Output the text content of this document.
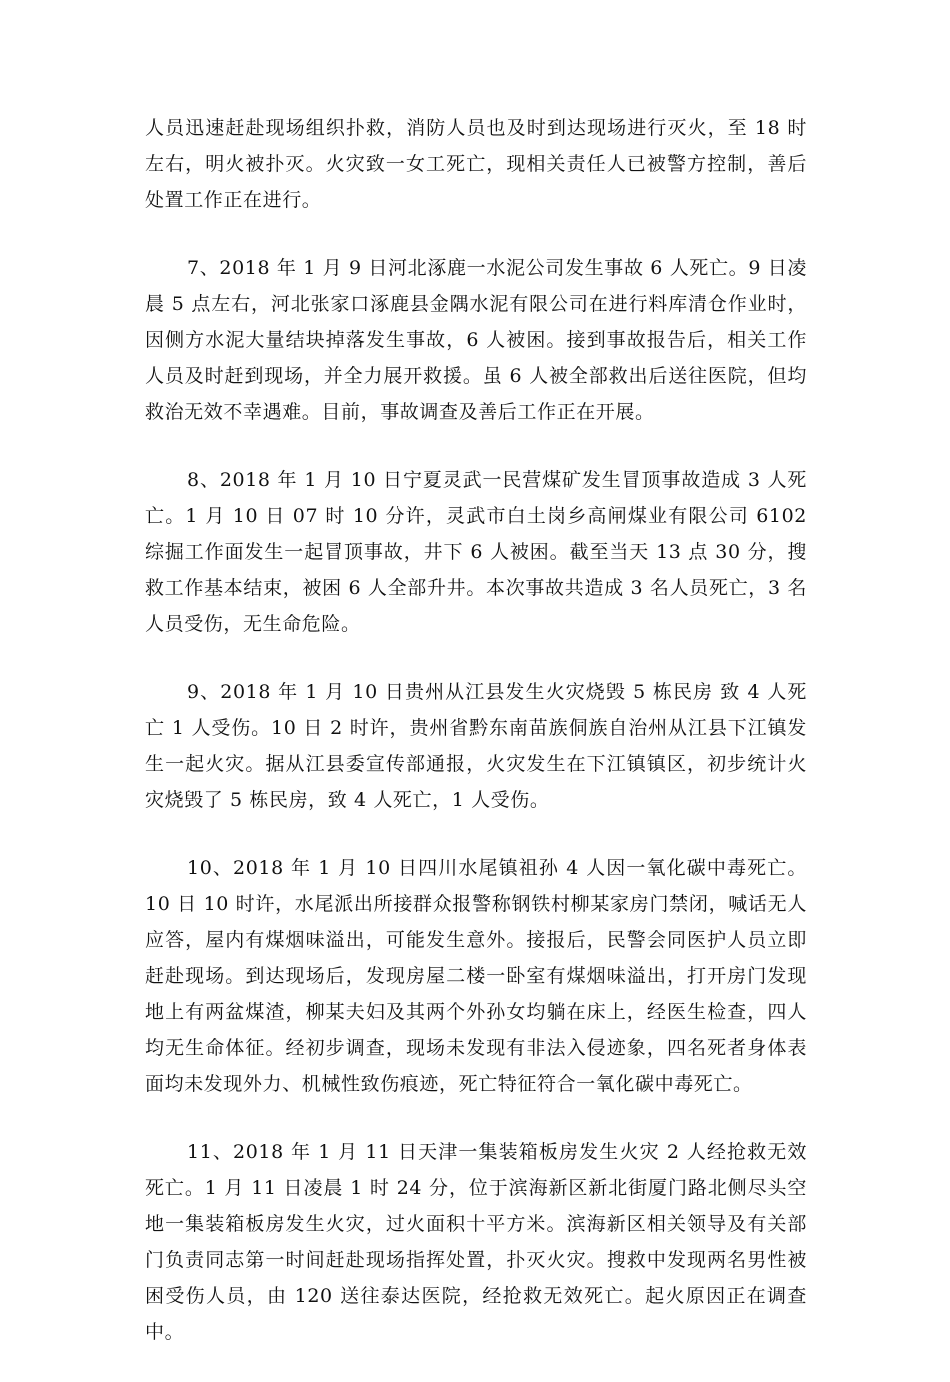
人员迅速赶赴现场组织扑救，消防人员也及时到达现场进行灭火，至 18 时左右，明火被扑灭。火灾致一女工死亡，现相关责任人已被警方控制，善后处置工作正在进行。

7、2018 年 1 月 9 日河北涿鹿一水泥公司发生事故 6 人死亡。9 日凌晨 5 点左右，河北张家口涿鹿县金隅水泥有限公司在进行料库清仓作业时，因侧方水泥大量结块掉落发生事故，6 人被困。接到事故报告后，相关工作人员及时赶到现场，并全力展开救援。虽 6 人被全部救出后送往医院，但均救治无效不幸遇难。目前，事故调查及善后工作正在开展。

8、2018 年 1 月 10 日宁夏灵武一民营煤矿发生冒顶事故造成 3 人死亡。1 月 10 日 07 时 10 分许，灵武市白土岗乡高闸煤业有限公司 6102 综掘工作面发生一起冒顶事故，井下 6 人被困。截至当天 13 点 30 分，搜救工作基本结束，被困 6 人全部升井。本次事故共造成 3 名人员死亡，3 名人员受伤，无生命危险。

9、2018 年 1 月 10 日贵州从江县发生火灾烧毁 5 栋民房 致 4 人死亡 1 人受伤。10 日 2 时许，贵州省黔东南苗族侗族自治州从江县下江镇发生一起火灾。据从江县委宣传部通报，火灾发生在下江镇镇区，初步统计火灾烧毁了 5 栋民房，致 4 人死亡，1 人受伤。

10、2018 年 1 月 10 日四川水尾镇祖孙 4 人因一氧化碳中毒死亡。10 日 10 时许，水尾派出所接群众报警称钢铁村柳某家房门禁闭，喊话无人应答，屋内有煤烟味溢出，可能发生意外。接报后，民警会同医护人员立即赶赴现场。到达现场后，发现房屋二楼一卧室有煤烟味溢出，打开房门发现地上有两盆煤渣，柳某夫妇及其两个外孙女均躺在床上，经医生检查，四人均无生命体征。经初步调查，现场未发现有非法入侵迹象，四名死者身体表面均未发现外力、机械性致伤痕迹，死亡特征符合一氧化碳中毒死亡。

11、2018 年 1 月 11 日天津一集装箱板房发生火灾 2 人经抢救无效死亡。1 月 11 日凌晨 1 时 24 分，位于滨海新区新北街厦门路北侧尽头空地一集装箱板房发生火灾，过火面积十平方米。滨海新区相关领导及有关部门负责同志第一时间赶赴现场指挥处置，扑灭火灾。搜救中发现两名男性被困受伤人员，由 120 送往泰达医院，经抢救无效死亡。起火原因正在调查中。
